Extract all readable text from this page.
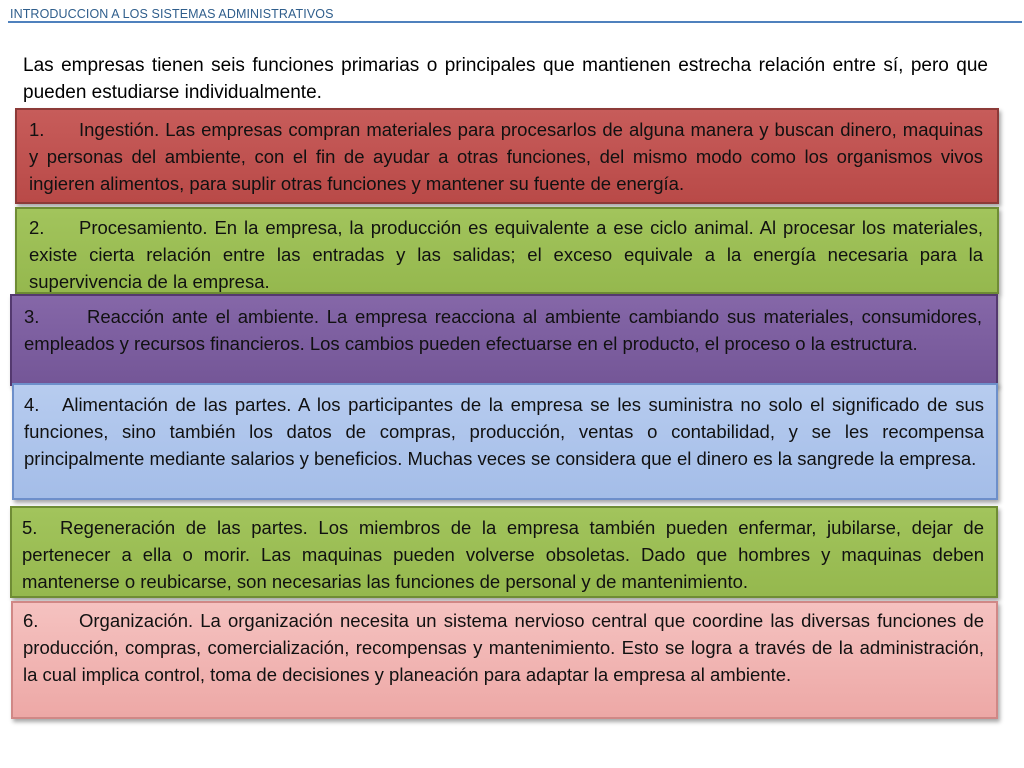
INTRODUCCION A LOS SISTEMAS ADMINISTRATIVOS
Las empresas tienen seis funciones primarias o principales que mantienen estrecha relación entre sí, pero que pueden estudiarse individualmente.
1. Ingestión. Las empresas compran materiales para procesarlos de alguna manera y buscan dinero, maquinas y personas del ambiente, con el fin de ayudar a otras funciones, del mismo modo como los organismos vivos ingieren alimentos, para suplir otras funciones y mantener su fuente de energía.
2. Procesamiento. En la empresa, la producción es equivalente a ese ciclo animal. Al procesar los materiales, existe cierta relación entre las entradas y las salidas; el exceso equivale a la energía necesaria para la supervivencia de la empresa.
3.	Reacción ante el ambiente. La empresa reacciona al ambiente cambiando sus materiales, consumidores, empleados y recursos financieros. Los cambios pueden efectuarse en el producto, el proceso o la estructura.
4. Alimentación de las partes. A los participantes de la empresa se les suministra no solo el significado de sus funciones, sino también los datos de compras, producción, ventas o contabilidad, y se les recompensa principalmente mediante salarios y beneficios. Muchas veces se considera que el dinero es la sangrede la empresa.
5. Regeneración de las partes. Los miembros de la empresa también pueden enfermar, jubilarse, dejar de pertenecer a ella o morir. Las maquinas pueden volverse obsoletas. Dado que hombres y maquinas deben mantenerse o reubicarse, son necesarias las funciones de personal y de mantenimiento.
6. Organización. La organización necesita un sistema nervioso central que coordine las diversas funciones de producción, compras, comercialización, recompensas y mantenimiento. Esto se logra a través de la administración, la cual implica control, toma de decisiones y planeación para adaptar la empresa al ambiente.
